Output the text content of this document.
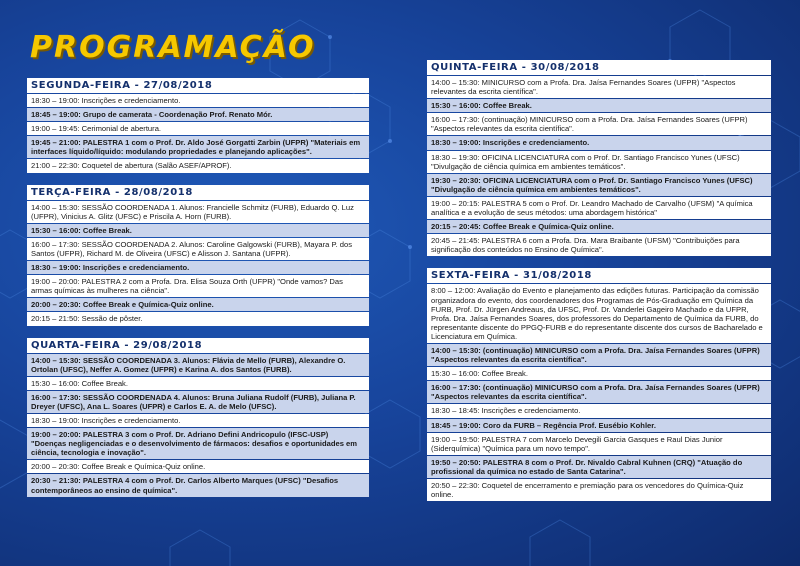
PROGRAMAÇÃO
SEGUNDA-FEIRA - 27/08/2018
18:30 – 19:00: Inscrições e credenciamento.
18:45 – 19:00: Grupo de camerata - Coordenação Prof. Renato Mór.
19:00 – 19:45: Cerimonial de abertura.
19:45 – 21:00: PALESTRA 1 com o Prof. Dr. Aldo José Gorgatti Zarbin (UFPR) "Materiais em interfaces líquido/líquido: modulando propriedades e planejando aplicações".
21:00 – 22:30: Coquetel de abertura (Salão ASEF/APROF).
TERÇA-FEIRA - 28/08/2018
14:00 – 15:30: SESSÃO COORDENADA 1. Alunos: Francielle Schmitz (FURB), Eduardo Q. Luz (UFPR), Vinicius A. Glitz (UFSC) e Priscila A. Horn (FURB).
15:30 – 16:00: Coffee Break.
16:00 – 17:30: SESSÃO COORDENADA 2. Alunos: Caroline Galgowski (FURB), Mayara P. dos Santos (UFPR), Richard M. de Oliveira (UFSC) e Alisson J. Santana (UFPR).
18:30 – 19:00: Inscrições e credenciamento.
19:00 – 20:00: PALESTRA 2 com a Profa. Dra. Elisa Souza Orth (UFPR) "Onde vamos? Das armas químicas às mulheres na ciência".
20:00 – 20:30: Coffee Break e Química-Quiz online.
20:15 – 21:50: Sessão de pôster.
QUARTA-FEIRA - 29/08/2018
14:00 – 15:30: SESSÃO COORDENADA 3. Alunos: Flávia de Mello (FURB), Alexandre O. Ortolan (UFSC), Neffer A. Gomez (UFPR) e Karina A. dos Santos (FURB).
15:30 – 16:00: Coffee Break.
16:00 – 17:30: SESSÃO COORDENADA 4. Alunos: Bruna Juliana Rudolf (FURB), Juliana P. Dreyer (UFSC), Ana L. Soares (UFPR) e Carlos E. A. de Melo (UFSC).
18:30 – 19:00: Inscrições e credenciamento.
19:00 – 20:00: PALESTRA 3 com o Prof. Dr. Adriano Defini Andricopulo (IFSC-USP) "Doenças negligenciadas e o desenvolvimento de fármacos: desafios e oportunidades em ciência, tecnologia e inovação".
20:00 – 20:30: Coffee Break e Química-Quiz online.
20:30 – 21:30: PALESTRA 4 com o Prof. Dr. Carlos Alberto Marques (UFSC) "Desafios contemporâneos ao ensino de química".
QUINTA-FEIRA - 30/08/2018
14:00 – 15:30: MINICURSO com a Profa. Dra. Jaísa Fernandes Soares (UFPR) "Aspectos relevantes da escrita científica".
15:30 – 16:00: Coffee Break.
16:00 – 17:30: (continuação) MINICURSO com a Profa. Dra. Jaísa Fernandes Soares (UFPR) "Aspectos relevantes da escrita científica".
18:30 – 19:00: Inscrições e credenciamento.
18:30 – 19:30: OFICINA LICENCIATURA com o Prof. Dr. Santiago Francisco Yunes (UFSC) "Divulgação de ciência química em ambientes temáticos".
19:30 – 20:30: OFICINA LICENCIATURA com o Prof. Dr. Santiago Francisco Yunes (UFSC) "Divulgação de ciência química em ambientes temáticos".
19:00 – 20:15: PALESTRA 5 com o Prof. Dr. Leandro Machado de Carvalho (UFSM) "A química analítica e a evolução de seus métodos: uma abordagem histórica"
20:15 – 20:45: Coffee Break e Química-Quiz online.
20:45 – 21:45: PALESTRA 6 com a Profa. Dra. Mara Braibante (UFSM) "Contribuições para significação dos conteúdos no Ensino de Química".
SEXTA-FEIRA - 31/08/2018
8:00 – 12:00: Avaliação do Evento e planejamento das edições futuras. Participação da comissão organizadora do evento, dos coordenadores dos Programas de Pós-Graduação em Química da FURB, Prof. Dr. Jürgen Andreaus, da UFSC, Prof. Dr. Vanderlei Gageiro Machado e da UFPR, Profa. Dra. Jaísa Fernandes Soares, dos professores do Departamento de Química da FURB, do representante discente do PPGQ-FURB e do representante discente dos cursos de Bacharelado e Licenciatura em Química.
14:00 – 15:30: (continuação) MINICURSO com a Profa. Dra. Jaísa Fernandes Soares (UFPR) "Aspectos relevantes da escrita científica".
15:30 – 16:00: Coffee Break.
16:00 – 17:30: (continuação) MINICURSO com a Profa. Dra. Jaísa Fernandes Soares (UFPR) "Aspectos relevantes da escrita científica".
18:30 – 18:45: Inscrições e credenciamento.
18:45 – 19:00: Coro da FURB – Regência Prof. Eusébio Kohler.
19:00 – 19:50: PALESTRA 7 com Marcelo Devegili Garcia Gasques e Raul Dias Junior (Siderquímica) "Química para um novo tempo".
19:50 – 20:50: PALESTRA 8 com o Prof. Dr. Nivaldo Cabral Kuhnen (CRQ) "Atuação do profissional da química no estado de Santa Catarina".
20:50 – 22:30: Coquetel de encerramento e premiação para os vencedores do Química-Quiz online.
